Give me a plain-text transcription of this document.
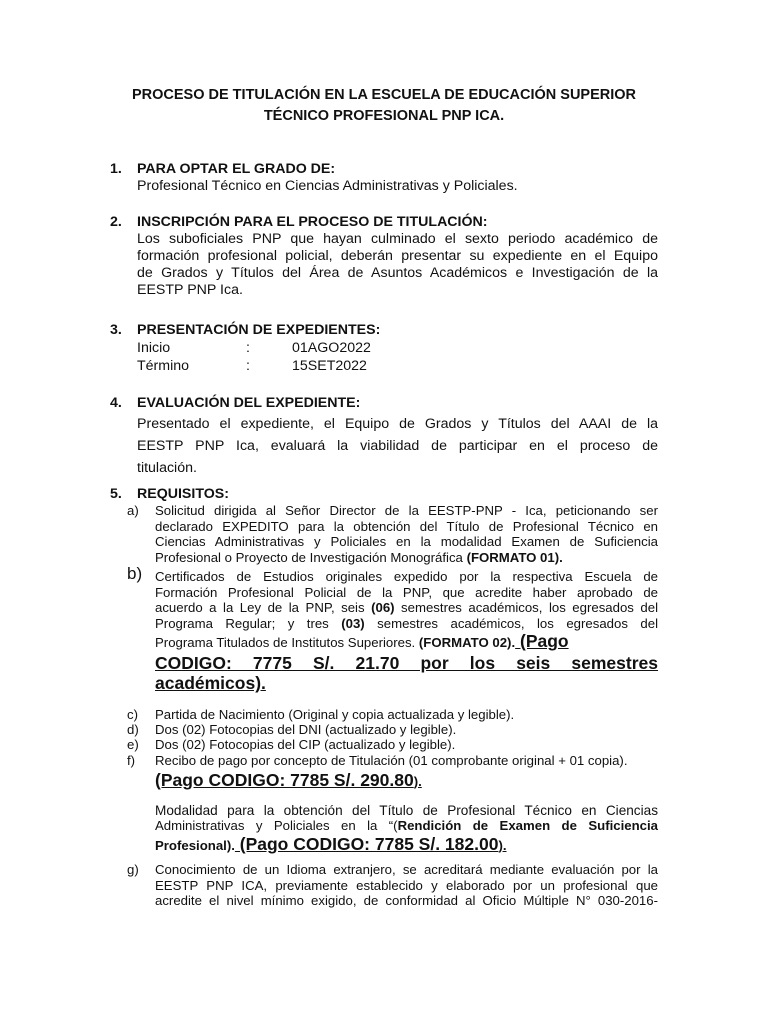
PROCESO DE TITULACIÓN EN LA ESCUELA DE EDUCACIÓN SUPERIOR
TÉCNICO PROFESIONAL PNP ICA.
1. PARA OPTAR EL GRADO DE:
Profesional Técnico en Ciencias Administrativas y Policiales.
2. INSCRIPCIÓN PARA EL PROCESO DE TITULACIÓN:
Los suboficiales PNP que hayan culminado el sexto periodo académico de
formación profesional policial, deberán presentar su expediente en el Equipo
de Grados y Títulos del Área de Asuntos Académicos e Investigación de la
EESTP PNP Ica.
3. PRESENTACIÓN DE EXPEDIENTES:
Inicio	:	01AGO2022
Término	:	15SET2022
4. EVALUACIÓN DEL EXPEDIENTE:
Presentado el expediente, el Equipo de Grados y Títulos del AAAI de la
EESTP PNP Ica, evaluará la viabilidad de participar en el proceso de
titulación.
5. REQUISITOS:
a) Solicitud dirigida al Señor Director de la EESTP-PNP - Ica, peticionando ser
declarado EXPEDITO para la obtención del Título de Profesional Técnico en
Ciencias Administrativas y Policiales en la modalidad Examen de Suficiencia
Profesional o Proyecto de Investigación Monográfica (FORMATO 01).
b) Certificados de Estudios originales expedido por la respectiva Escuela de
Formación Profesional Policial de la PNP, que acredite haber aprobado de
acuerdo a la Ley de la PNP, seis (06) semestres académicos, los egresados del
Programa Regular; y tres (03) semestres académicos, los egresados del
Programa Titulados de Institutos Superiores. (FORMATO 02). (Pago
CODIGO: 7775 S/. 21.70 por los seis semestres
académicos).
c) Partida de Nacimiento (Original y copia actualizada y legible).
d) Dos (02) Fotocopias del DNI (actualizado y legible).
e) Dos (02) Fotocopias del CIP (actualizado y legible).
f) Recibo de pago por concepto de Titulación (01 comprobante original + 01 copia).
(Pago CODIGO: 7785 S/. 290.80).
Modalidad para la obtención del Título de Profesional Técnico en Ciencias
Administrativas y Policiales en la “(Rendición de Examen de Suficiencia
Profesional). (Pago CODIGO: 7785 S/. 182.00).
g) Conocimiento de un Idioma extranjero, se acreditará mediante evaluación por la
EESTP PNP ICA, previamente establecido y elaborado por un profesional que
acredite el nivel mínimo exigido, de conformidad al Oficio Múltiple N° 030-2016-
